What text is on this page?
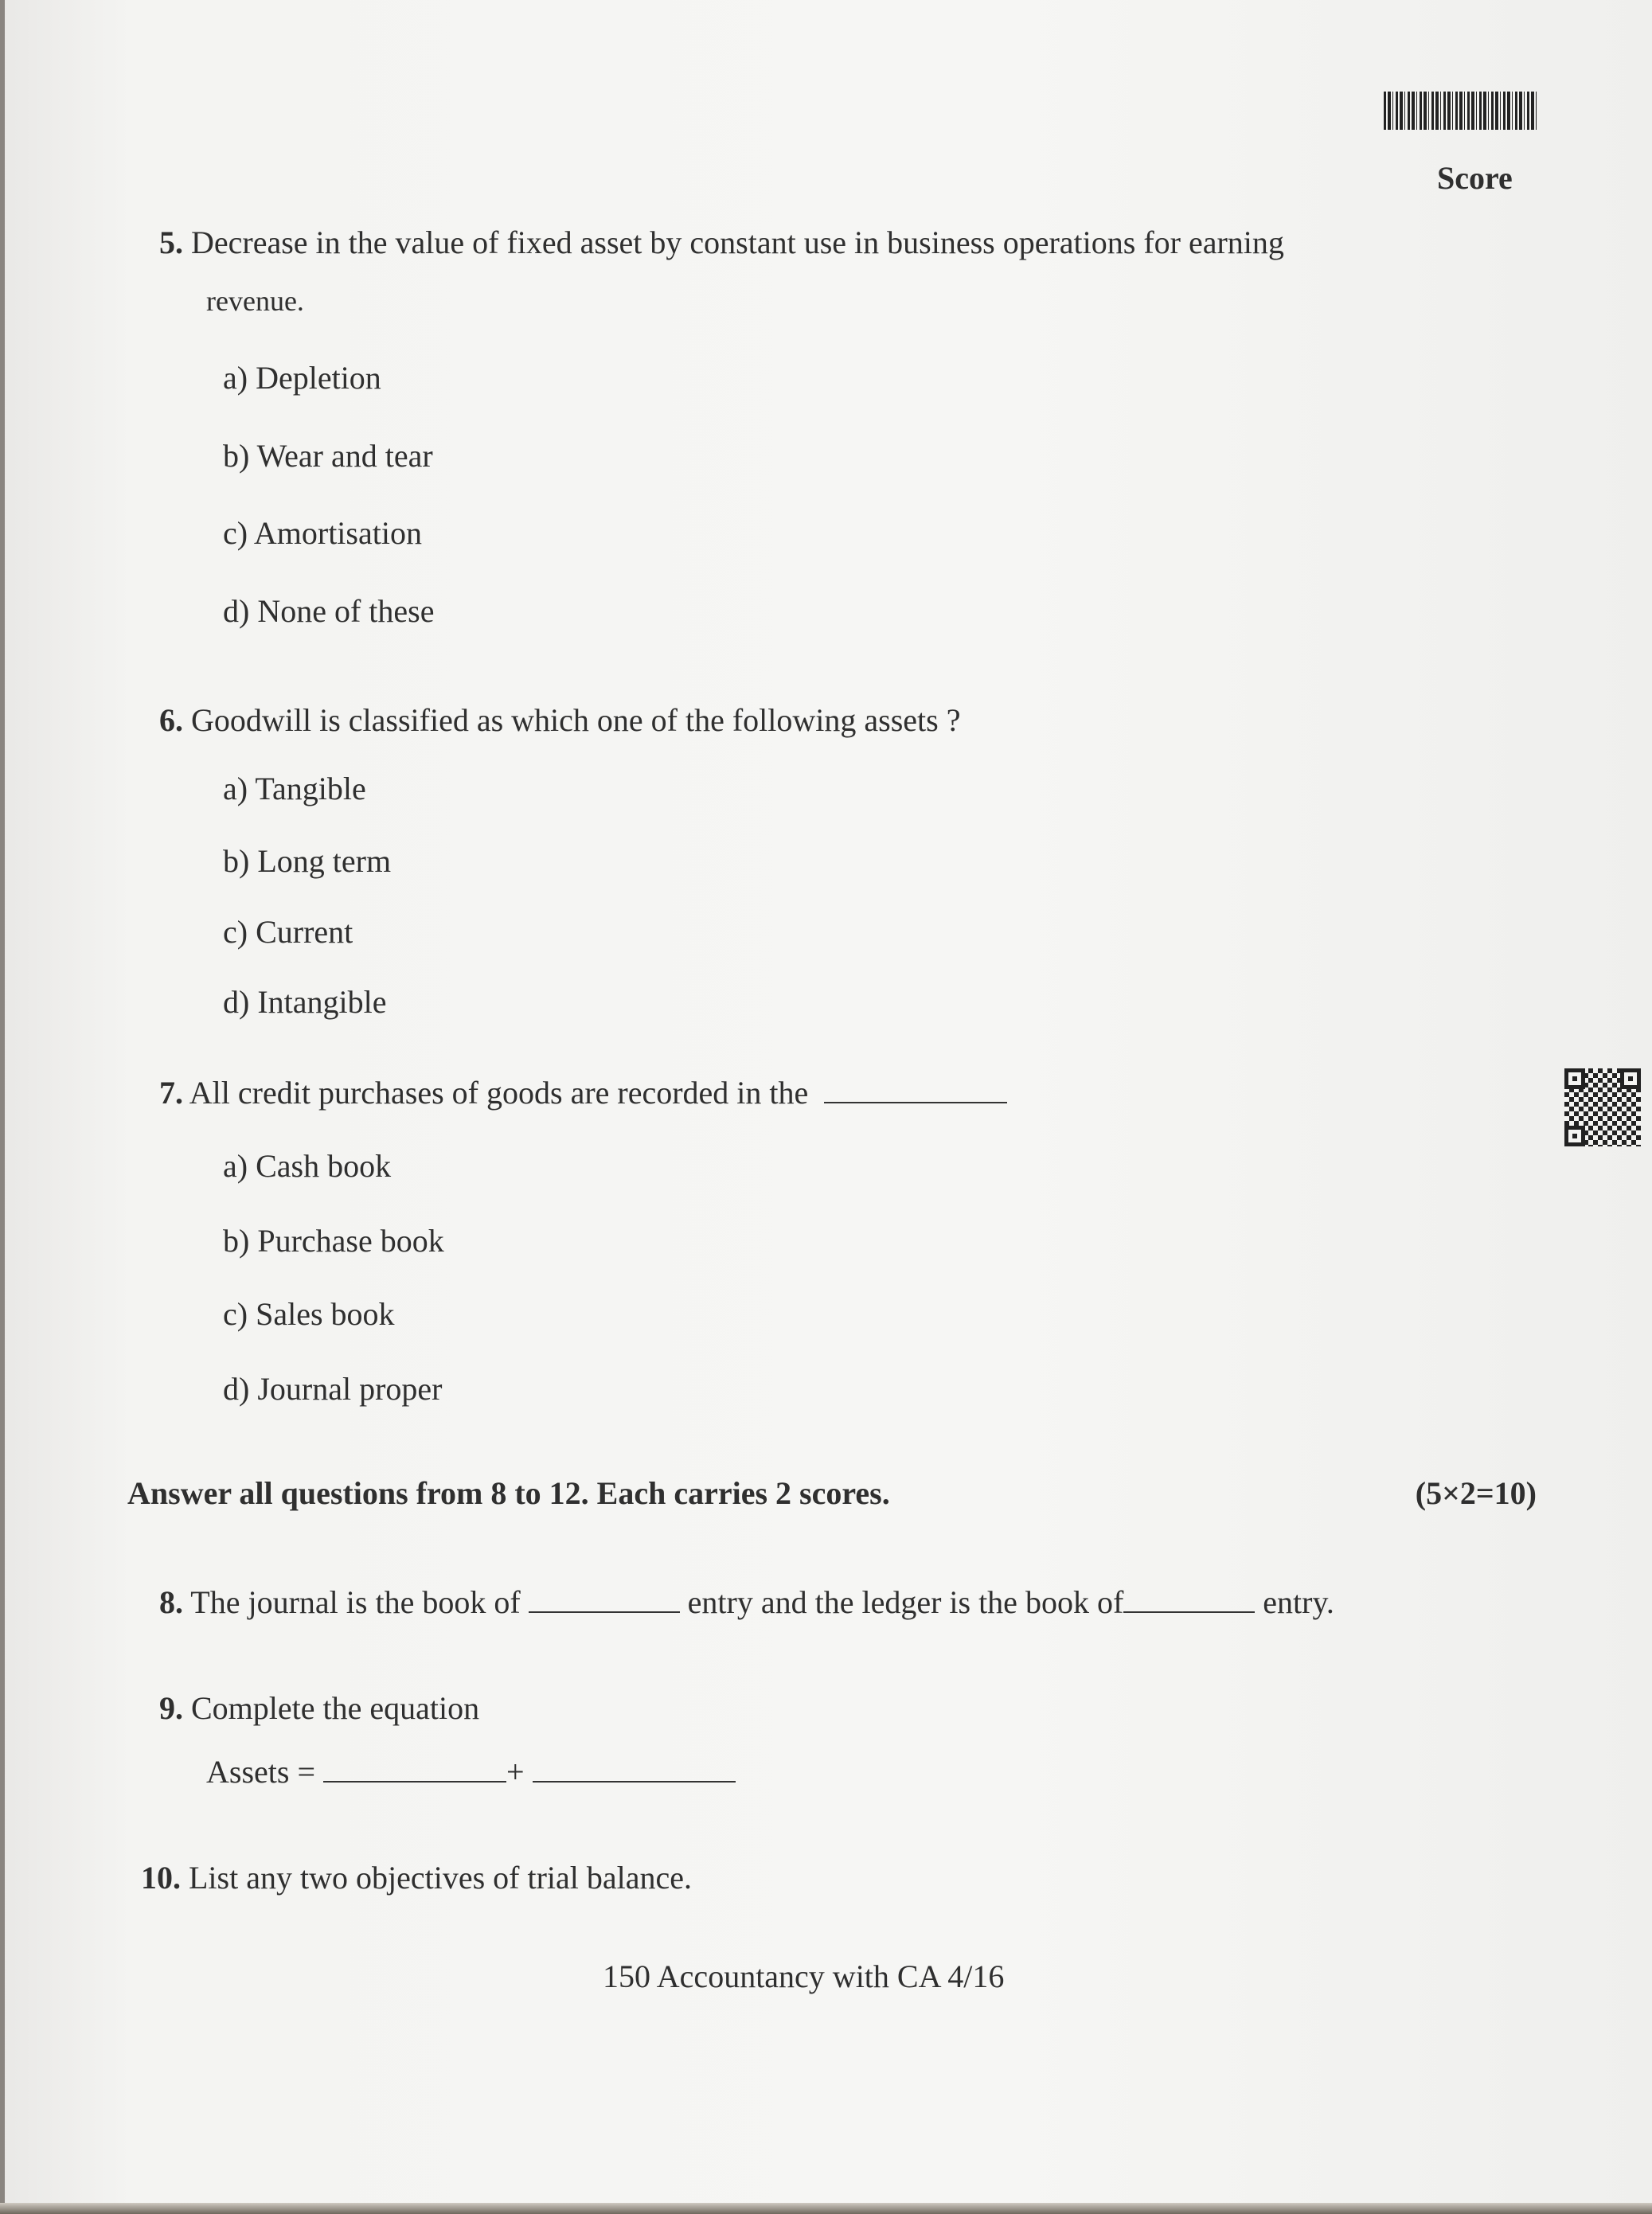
Score
5. Decrease in the value of fixed asset by constant use in business operations for earning
revenue.
a) Depletion
b) Wear and tear
c) Amortisation
d) None of these
6. Goodwill is classified as which one of the following assets ?
a) Tangible
b) Long term
c) Current
d) Intangible
7. All credit purchases of goods are recorded in the
a) Cash book
b) Purchase book
c) Sales book
d) Journal proper
Answer all questions from 8 to 12. Each carries 2 scores.	(5×2=10)
8. The journal is the book of	entry and the ledger is the book of	entry.
9. Complete the equation
Assets =	+
10. List any two objectives of trial balance.
150 Accountancy with CA 4/16
